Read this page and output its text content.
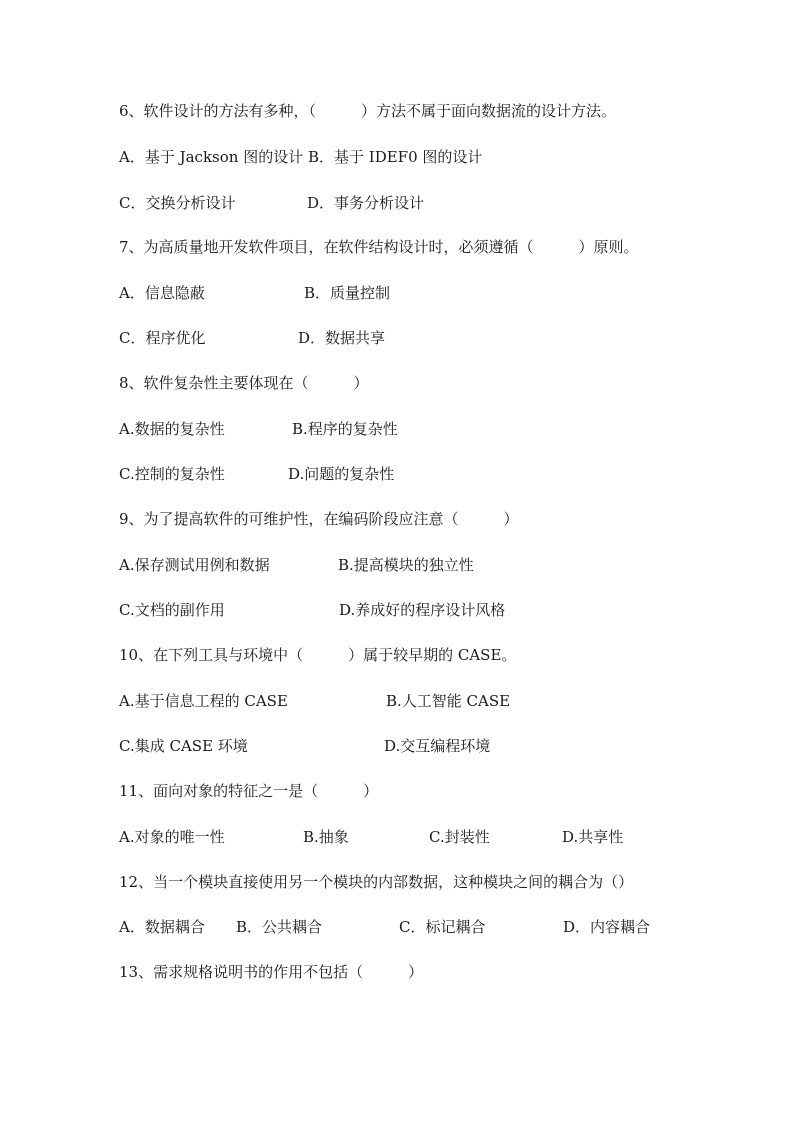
6、软件设计的方法有多种，（　　　）方法不属于面向数据流的设计方法。
A．基于 Jackson 图的设计 B．基于 IDEF0 图的设计
C．交换分析设计	D．事务分析设计
7、为高质量地开发软件项目，在软件结构设计时，必须遵循（　　　）原则。
A．信息隐蔽	B．质量控制
C．程序优化	D．数据共享
8、软件复杂性主要体现在（　　　）
A.数据的复杂性	B.程序的复杂性
C.控制的复杂性	D.问题的复杂性
9、为了提高软件的可维护性，在编码阶段应注意（　　　）
A.保存测试用例和数据	B.提高模块的独立性
C.文档的副作用	D.养成好的程序设计风格
10、在下列工具与环境中（　　　）属于较早期的 CASE。
A.基于信息工程的 CASE	B.人工智能 CASE
C.集成 CASE 环境	D.交互编程环境
11、面向对象的特征之一是（　　　）
A.对象的唯一性	B.抽象	C.封装性	D.共享性
12、当一个模块直接使用另一个模块的内部数据，这种模块之间的耦合为（）
A．数据耦合 B．公共耦合	C．标记耦合	D．内容耦合
13、需求规格说明书的作用不包括（　　　）
